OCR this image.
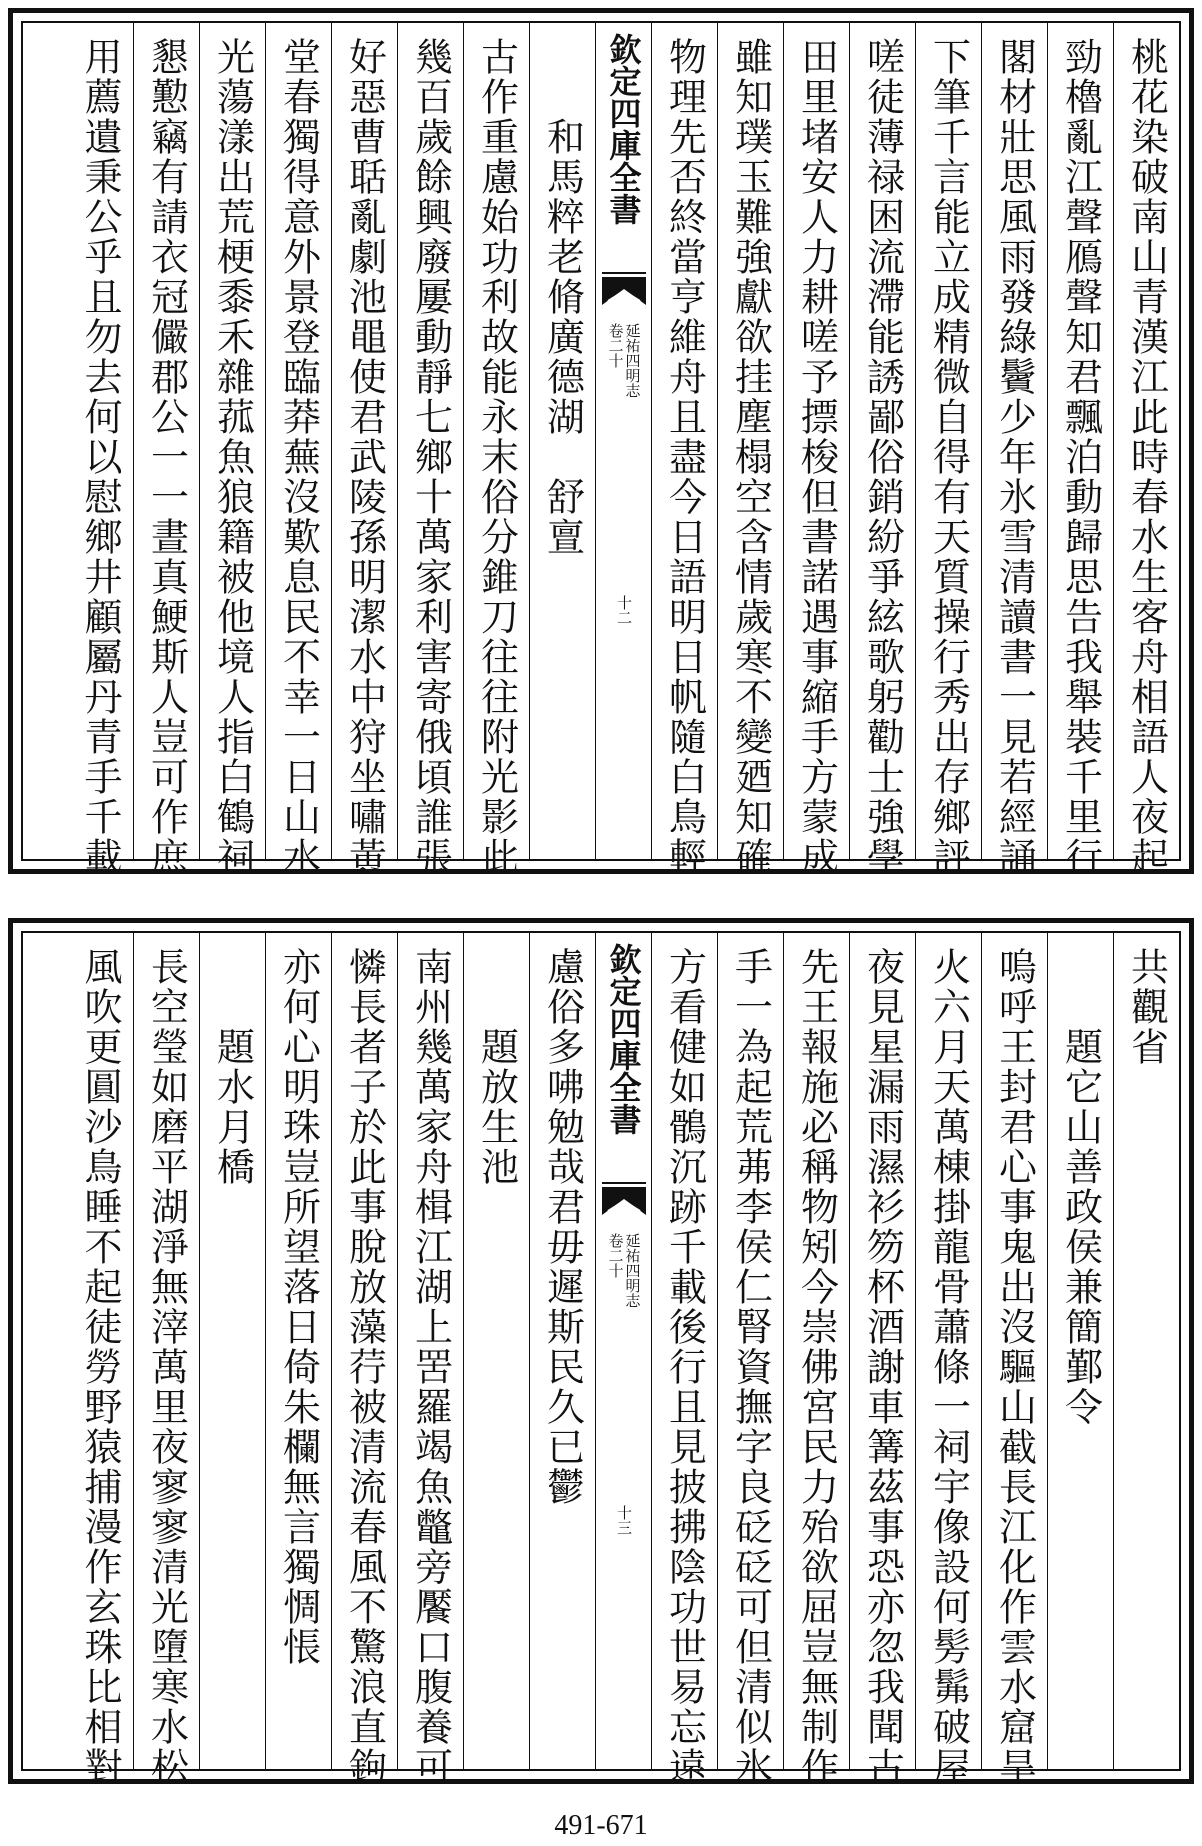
桃花染破南山青漢江此時春水生客舟相語人夜起
勁櫓亂江聲鴈聲知君飄泊動歸思告我舉裝千里行
閣材壯思風雨發綠鬢少年氷雪清讀書一見若經誦
下筆千言能立成精微自得有天質操行秀出存鄉評
嗟徒薄禄困流滯能誘鄙俗銷紛爭絃歌躬勸士強學
田里堵安人力耕嗟予摽梭但書諾遇事縮手方蒙成
雖知璞玉難強獻欲挂塵榻空含情歲寒不變廼知確
物理先否終當亨維舟且盡今日語明日帆隨白鳥輕
欽定四庫全書
卷二十 延祐四明志
十二
和馬粹老脩廣德湖　舒亶
古作重慮始功利故能永末俗分錐刀往往附光影此
幾百歲餘興廢屢動靜七鄉十萬家利害寄俄頃誰張
好惡曹聒亂劇池黽使君武陵孫明潔水中狩坐嘯黃
堂春獨得意外景登臨莽蕪沒歎息民不幸一日山水
光蕩漾出荒梗黍禾雜菰魚狼籍被他境人指白鶴祠
懇懃竊有請衣冠儼郡公一一晝真鯁斯人豈可作庶
用薦遺秉公乎且勿去何以慰鄉井顧屬丹青手千載
共觀省
題它山善政侯兼簡鄞令
嗚呼王封君心事鬼出沒驅山截長江化作雲水窟旱
火六月天萬棟掛龍骨蕭條一祠宇像設何髣髴破屋
夜見星漏雨濕衫笏杯酒謝車篝茲事恐亦忽我聞古
先王報施必稱物矧今崇佛宮民力殆欲屈豈無制作
手一為起荒茀李侯仁腎資撫字良砭砭可但清似氷
方看健如鶻沉跡千載後行且見披拂陰功世易忘遠
欽定四庫全書
卷二十 延祐四明志
十三
慮俗多咈勉哉君毋遲斯民久已鬱
題放生池
南州幾萬家舟楫江湖上罟羅竭魚鼈旁饜口腹養可
憐長者子於此事脫放藻荇被清流春風不驚浪直鉤
亦何心明珠豈所望落日倚朱欄無言獨惆悵
題水月橋
長空瑩如磨平湖淨無滓萬里夜寥寥清光墮寒水松
風吹更圓沙鳥睡不起徒勞野猿捕漫作玄珠比相對
491-671
